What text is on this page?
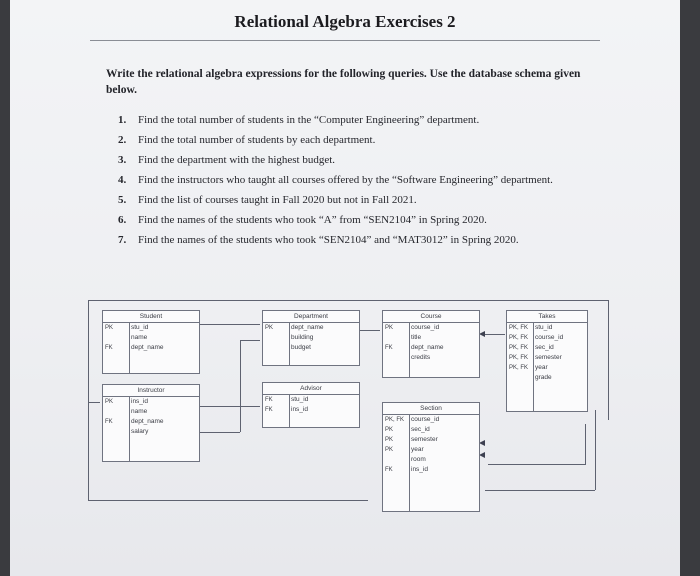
Relational Algebra Exercises 2
Write the relational algebra expressions for the following queries. Use the database schema given below.
1. Find the total number of students in the “Computer Engineering” department.
2. Find the total number of students by each department.
3. Find the department with the highest budget.
4. Find the instructors who taught all courses offered by the “Software Engineering” department.
5. Find the list of courses taught in Fall 2020 but not in Fall 2021.
6. Find the names of the students who took “A” from “SEN2104” in Spring 2020.
7. Find the names of the students who took “SEN2104” and “MAT3012” in Spring 2020.
Student
PK	stu_id
name
FK	dept_name
Instructor
PK	ins_id
name
FK	dept_name
salary
Department
PK	dept_name
building
budget
Advisor
FK	stu_id
FK	ins_id
Course
PK	course_id
title
FK	dept_name
credits
Section
PK, FK	course_id
PK	sec_id
PK	semester
PK	year
room
FK	ins_id
Takes
PK, FK	stu_id
PK, FK	course_id
PK, FK	sec_id
PK, FK	semester
PK, FK	year
grade
